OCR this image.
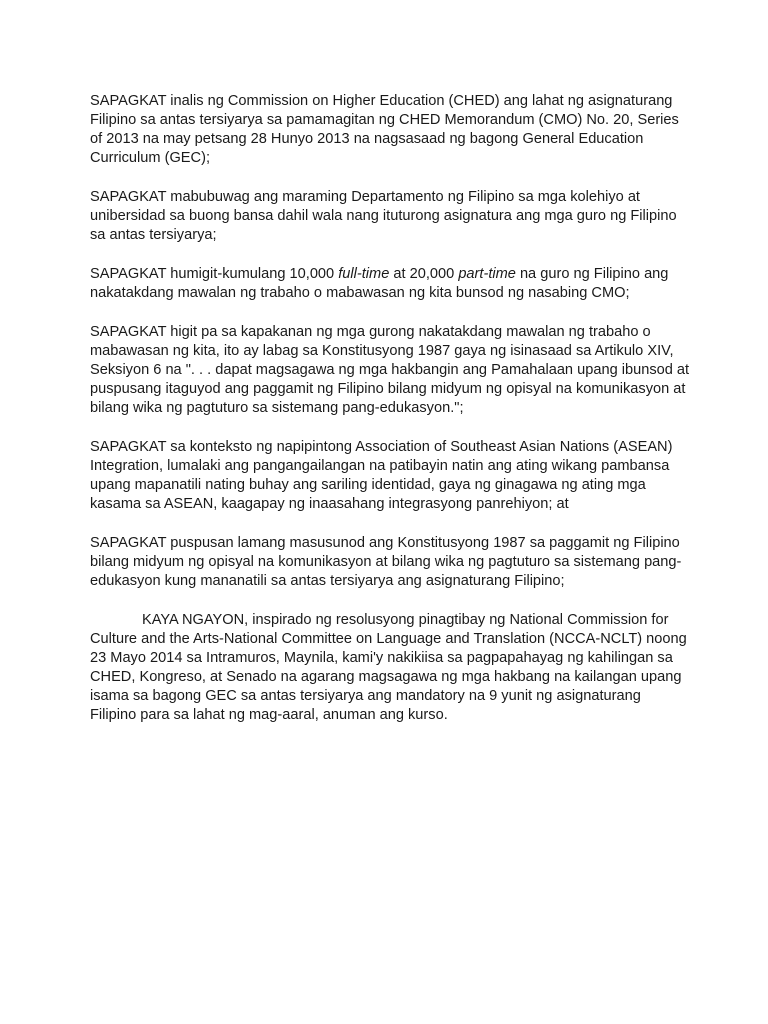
SAPAGKAT inalis ng Commission on Higher Education (CHED) ang lahat ng asignaturang Filipino sa antas tersiyarya sa pamamagitan ng CHED Memorandum (CMO) No. 20, Series of 2013 na may petsang 28 Hunyo 2013 na nagsasaad ng bagong General Education Curriculum (GEC);

SAPAGKAT mabubuwag ang maraming Departamento ng Filipino sa mga kolehiyo at unibersidad sa buong bansa dahil wala nang ituturong asignatura ang mga guro ng Filipino sa antas tersiyarya;

SAPAGKAT humigit-kumulang 10,000 full-time at 20,000 part-time na guro ng Filipino ang nakatakdang mawalan ng trabaho o mabawasan ng kita bunsod ng nasabing CMO;

SAPAGKAT higit pa sa kapakanan ng mga gurong nakatakdang mawalan ng trabaho o mabawasan ng kita, ito ay labag sa Konstitusyong 1987 gaya ng isinasaad sa Artikulo XIV, Seksiyon 6 na ". . . dapat magsagawa ng mga hakbangin ang Pamahalaan upang ibunsod at puspusang itaguyod ang paggamit ng Filipino bilang midyum ng opisyal na komunikasyon at bilang wika ng pagtuturo sa sistemang pang-edukasyon.";

SAPAGKAT sa konteksto ng napipintong Association of Southeast Asian Nations (ASEAN) Integration, lumalaki ang pangangailangan na patibayin natin ang ating wikang pambansa upang mapanatili nating buhay ang sariling identidad, gaya ng ginagawa ng ating mga kasama sa ASEAN, kaagapay ng inaasahang integrasyong panrehiyon; at

SAPAGKAT puspusan lamang masusunod ang Konstitusyong 1987 sa paggamit ng Filipino bilang midyum ng opisyal na komunikasyon at bilang wika ng pagtuturo sa sistemang pang-edukasyon kung mananatili sa antas tersiyarya ang asignaturang Filipino;

KAYA NGAYON, inspirado ng resolusyong pinagtibay ng National Commission for Culture and the Arts-National Committee on Language and Translation (NCCA-NCLT) noong 23 Mayo 2014 sa Intramuros, Maynila, kami'y nakikiisa sa pagpapahayag ng kahilingan sa CHED, Kongreso, at Senado na agarang magsagawa ng mga hakbang na kailangan upang isama sa bagong GEC sa antas tersiyarya ang mandatory na 9 yunit ng asignaturang Filipino para sa lahat ng mag-aaral, anuman ang kurso.
